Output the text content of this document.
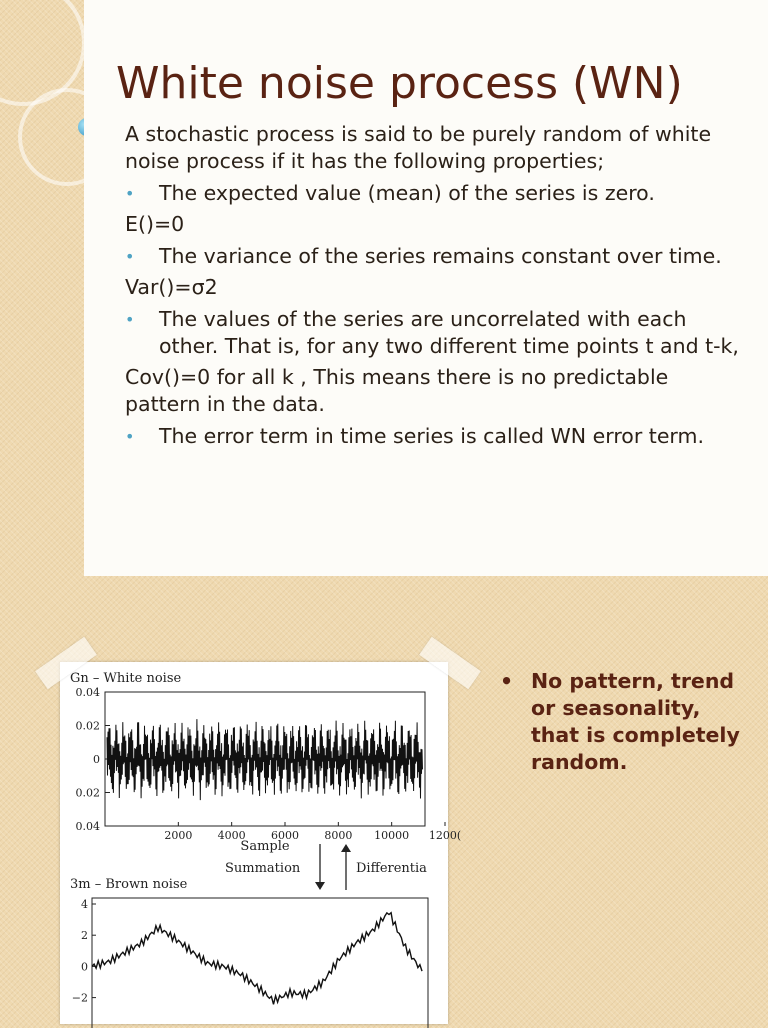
White noise process (WN)

A stochastic process is said to be purely random of white noise process if it has the following properties;

• The expected value (mean) of the series is zero.

E()=0

• The variance of the series remains constant over time.

Var()=σ2

• The values of the series are uncorrelated with each other. That is, for any two different time points t and t-k,

Cov()=0 for all k , This means there is no predictable pattern in the data.

• The error term in time series is called WN error term.
Gn – White noise
0.04
0.02
0
0.02
0.04
2000 4000 6000 8000 10000 1200(
Sample
Summation	Differentia
3m – Brown noise
4
2
0
−2
• No pattern, trend or seasonality, that is completely random.
